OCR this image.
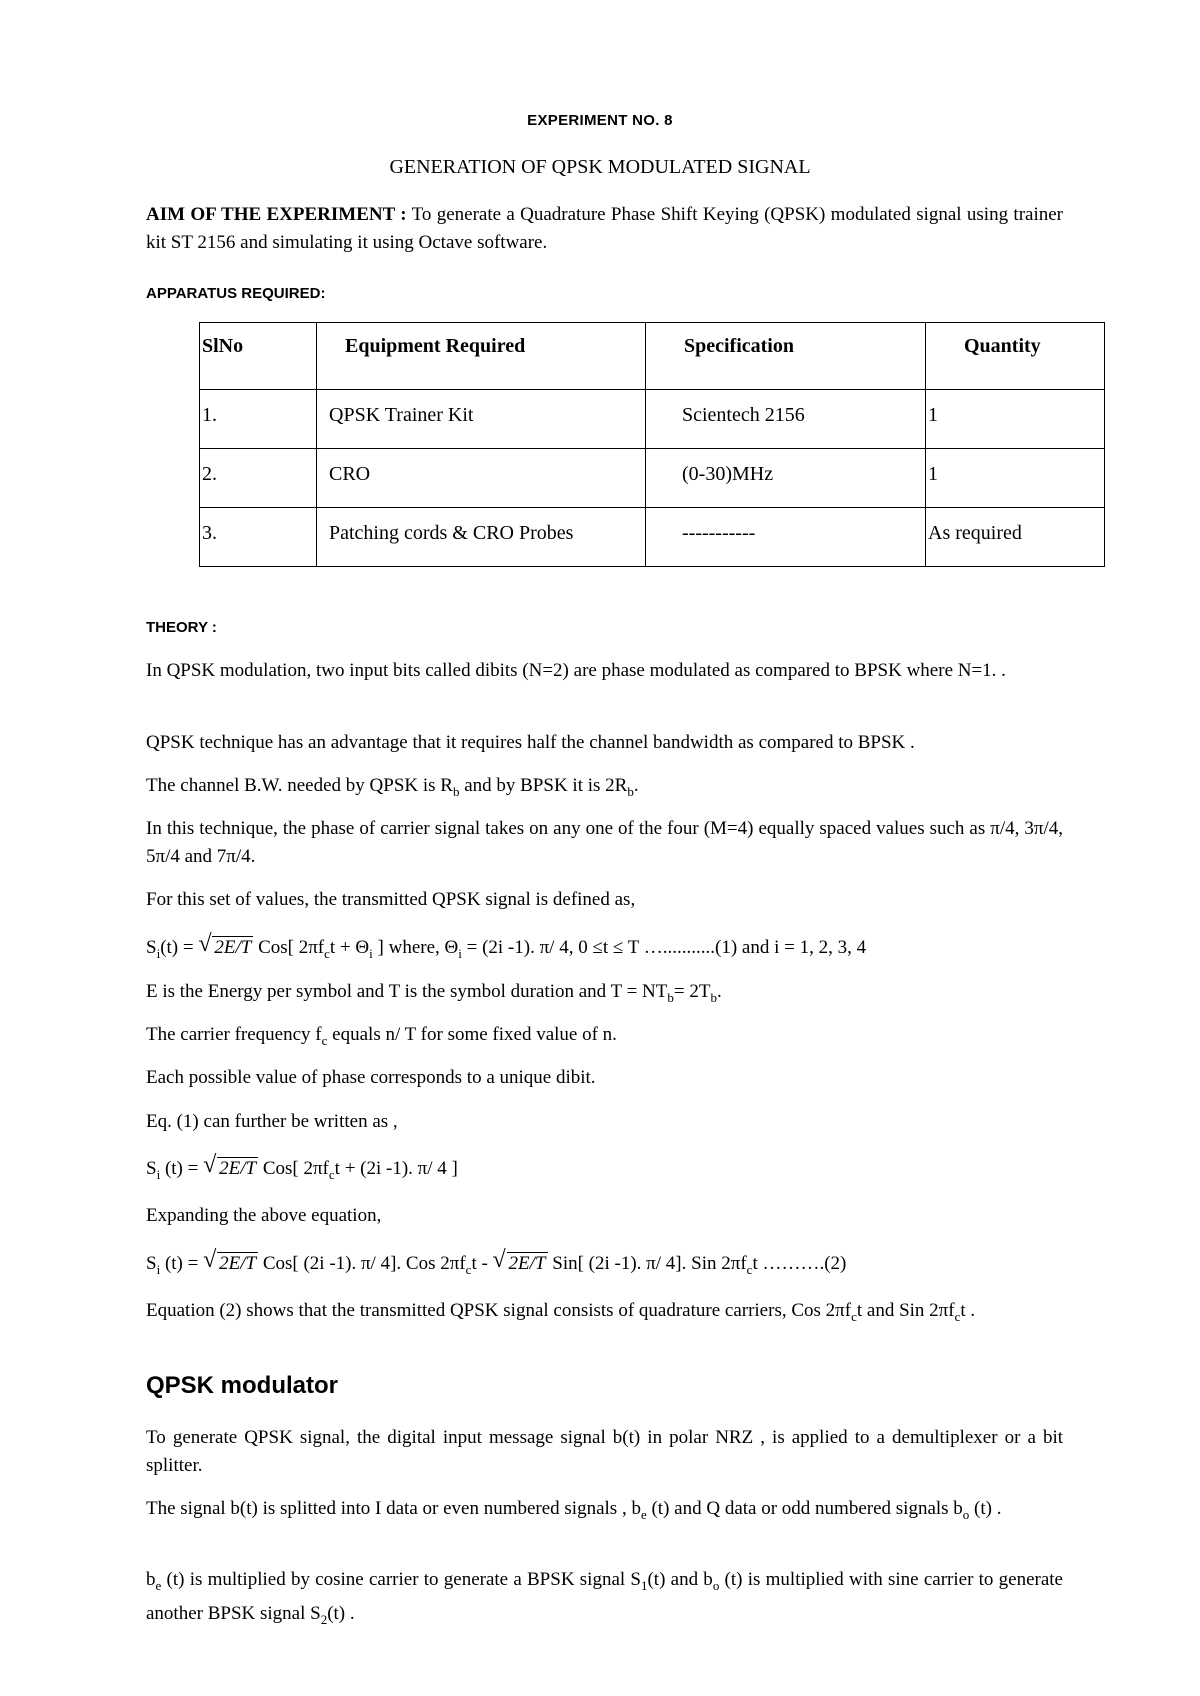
EXPERIMENT NO. 8
GENERATION OF QPSK MODULATED SIGNAL
AIM OF THE EXPERIMENT : To generate a Quadrature Phase Shift Keying (QPSK) modulated signal using trainer kit ST 2156 and simulating it using Octave software.
APPARATUS REQUIRED:
SlNo	Equipment Required	Specification	Quantity

1.	QPSK Trainer Kit	Scientech 2156	1

2.	CRO	(0-30)MHz	1

3.	Patching cords & CRO Probes	-----------	As required
THEORY :
In QPSK modulation, two input bits called dibits (N=2) are phase modulated as compared to BPSK where N=1. .
QPSK technique has an advantage that it requires half the channel bandwidth as compared to BPSK .
The channel B.W. needed by QPSK is $R_b$ and by BPSK it is $2R_b$.
In this technique, the phase of carrier signal takes on any one of the four (M=4) equally spaced values such as π/4, 3π/4, 5π/4 and 7π/4.
For this set of values, the transmitted QPSK signal is defined as,
$S_i(t)$ = √ 2E/T Cos[ $2\pi f_ct + \Theta_i$ ] where, $\Theta_i = (2i$ -1). π/ 4, 0 ≤t ≤ T …...........(1) and i = 1, 2, 3, 4
E is the Energy per symbol and T is the symbol duration and $T = NT_b= 2T_b$.
The carrier frequency $f_c$ equals n/ T for some fixed value of n.
Each possible value of phase corresponds to a unique dibit.
Eq. (1) can further be written as ,
$S_i$ (t) = √ 2E/T Cos[ $2\pi f_ct + (2i$ -1). π/ 4 ]
Expanding the above equation,
$S_i$ (t) = √ 2E/T Cos[ (2i -1). π/ 4]. Cos $2\pi f_ct$ - √ 2E/T Sin[ (2i -1). π/ 4]. Sin $2\pi f_ct$ ……….(2)
Equation (2) shows that the transmitted QPSK signal consists of quadrature carriers, Cos $2\pi f_ct$ and Sin $2\pi f_ct$ .
QPSK modulator
To generate QPSK signal, the digital input message signal b(t) in polar NRZ , is applied to a demultiplexer or a bit splitter.
The signal b(t) is splitted into I data or even numbered signals , $b_e$ (t) and Q data or odd numbered signals $b_o$ (t) .
$b_e$ (t) is multiplied by cosine carrier to generate a BPSK signal $S_1(t)$ and $b_o$ (t) is multiplied with sine carrier to generate another BPSK signal $S_2(t)$ .
